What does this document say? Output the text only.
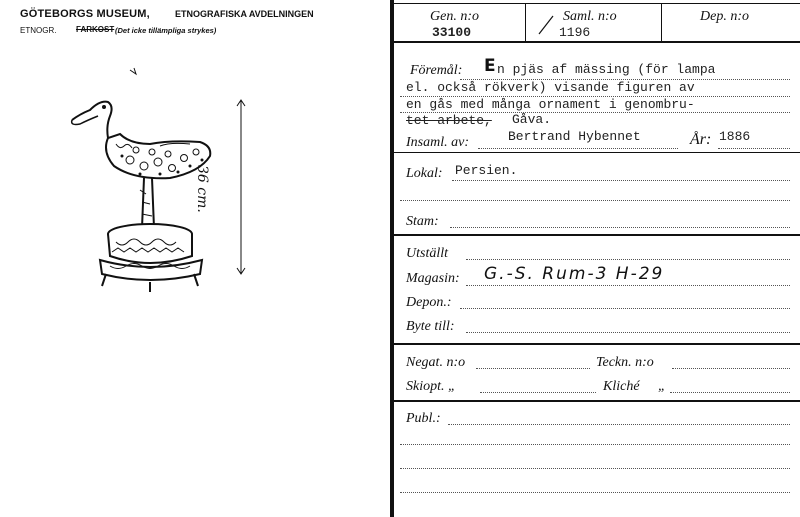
GÖTEBORGS MUSEUM,	ETNOGRAFISKA AVDELNINGEN
ETNOGR. FARKOST (Det icke tillämpliga strykes)
36 cm.
Gen. n:o
33100
Saml. n:o
1196
Dep. n:o
Föremål: E n pjäs af mässing (för lampa
el. också rökverk) visande figuren av
en gås med många ornament i genombru-
tet arbete, Gåva.
Insaml. av:	Bertrand Hybennet	År: 1886
Lokal: Persien.
Stam:
Utställt
Magasin: G.-S. Rum-3 H-29
Depon.:
Byte till:
Negat. n:o	Teckn. n:o
Skiopt. „	Kliché „
Publ.:
